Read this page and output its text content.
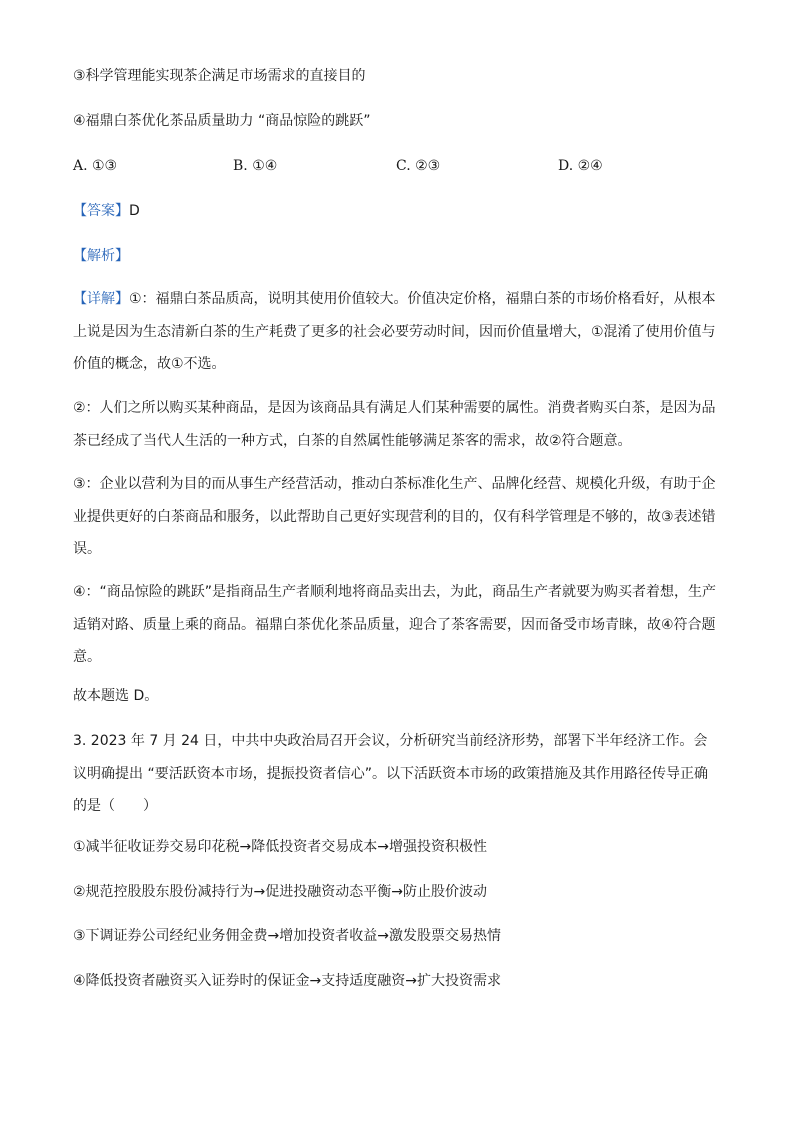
③科学管理能实现茶企满足市场需求的直接目的
④福鼎白茶优化茶品质量助力 “商品惊险的跳跃”
A. ①③	B. ①④	C. ②③	D. ②④
【答案】D
【解析】
【详解】①：福鼎白茶品质高，说明其使用价值较大。价值决定价格，福鼎白茶的市场价格看好，从根本上说是因为生态清新白茶的生产耗费了更多的社会必要劳动时间，因而价值量增大，①混淆了使用价值与价值的概念，故①不选。
②：人们之所以购买某种商品，是因为该商品具有满足人们某种需要的属性。消费者购买白茶，是因为品茶已经成了当代人生活的一种方式，白茶的自然属性能够满足茶客的需求，故②符合题意。
③：企业以营利为目的而从事生产经营活动，推动白茶标准化生产、品牌化经营、规模化升级，有助于企业提供更好的白茶商品和服务，以此帮助自己更好实现营利的目的，仅有科学管理是不够的，故③表述错误。
④：“商品惊险的跳跃”是指商品生产者顺利地将商品卖出去，为此，商品生产者就要为购买者着想，生产适销对路、质量上乘的商品。福鼎白茶优化茶品质量，迎合了茶客需要，因而备受市场青睐，故④符合题意。
故本题选 D。
3. 2023 年 7 月 24 日，中共中央政治局召开会议，分析研究当前经济形势，部署下半年经济工作。会议明确提出 “要活跃资本市场，提振投资者信心”。以下活跃资本市场的政策措施及其作用路径传导正确的是（　　）
①减半征收证券交易印花税→降低投资者交易成本→增强投资积极性
②规范控股股东股份减持行为→促进投融资动态平衡→防止股价波动
③下调证券公司经纪业务佣金费→增加投资者收益→激发股票交易热情
④降低投资者融资买入证券时的保证金→支持适度融资→扩大投资需求
